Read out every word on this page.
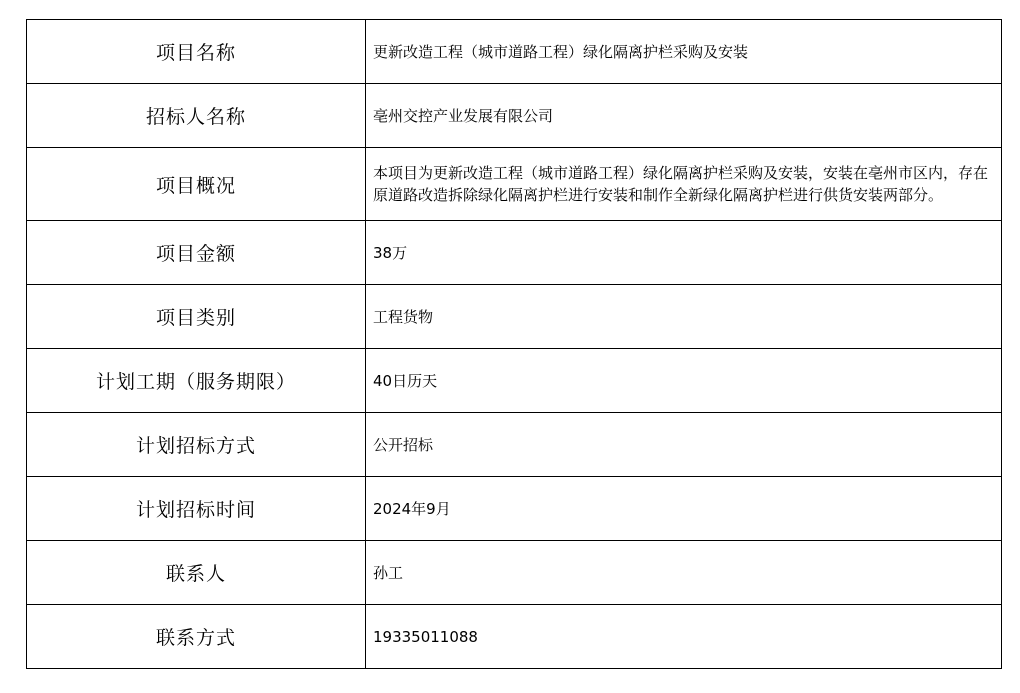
项目名称	更新改造工程（城市道路工程）绿化隔离护栏采购及安装
招标人名称	亳州交控产业发展有限公司
项目概况	本项目为更新改造工程（城市道路工程）绿化隔离护栏采购及安装，安装在亳州市区内，存在原道路改造拆除绿化隔离护栏进行安装和制作全新绿化隔离护栏进行供货安装两部分。
项目金额	38万
项目类别	工程货物
计划工期（服务期限）	40日历天
计划招标方式	公开招标
计划招标时间	2024年9月
联系人	孙工
联系方式	19335011088
